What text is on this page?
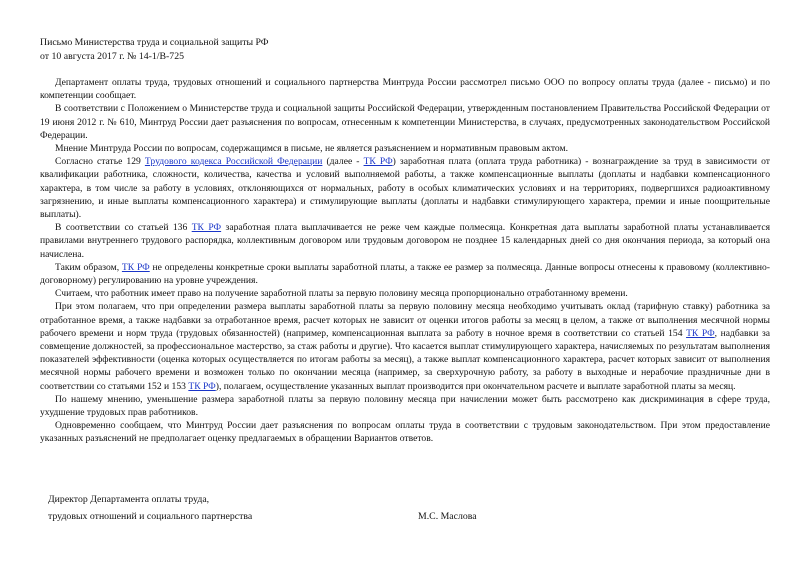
Письмо Министерства труда и социальной защиты РФ
от 10 августа 2017 г. № 14-1/В-725

Департамент оплаты труда, трудовых отношений и социального партнерства Минтруда России рассмотрел письмо ООО по вопросу оплаты труда (далее - письмо) и по компетенции сообщает.

В соответствии с Положением о Министерстве труда и социальной защиты Российской Федерации, утвержденным постановлением Правительства Российской Федерации от 19 июня 2012 г. № 610, Минтруд России дает разъяснения по вопросам, отнесенным к компетенции Министерства, в случаях, предусмотренных законодательством Российской Федерации.

Мнение Минтруда России по вопросам, содержащимся в письме, не является разъяснением и нормативным правовым актом.

Согласно статье 129 Трудового кодекса Российской Федерации (далее - ТК РФ) заработная плата (оплата труда работника) - вознаграждение за труд в зависимости от квалификации работника, сложности, количества, качества и условий выполняемой работы, а также компенсационные выплаты (доплаты и надбавки компенсационного характера, в том числе за работу в условиях, отклоняющихся от нормальных, работу в особых климатических условиях и на территориях, подвергшихся радиоактивному загрязнению, и иные выплаты компенсационного характера) и стимулирующие выплаты (доплаты и надбавки стимулирующего характера, премии и иные поощрительные выплаты).

В соответствии со статьей 136 ТК РФ заработная плата выплачивается не реже чем каждые полмесяца. Конкретная дата выплаты заработной платы устанавливается правилами внутреннего трудового распорядка, коллективным договором или трудовым договором не позднее 15 календарных дней со дня окончания периода, за который она начислена.

Таким образом, ТК РФ не определены конкретные сроки выплаты заработной платы, а также ее размер за полмесяца. Данные вопросы отнесены к правовому (коллективно-договорному) регулированию на уровне учреждения.

Считаем, что работник имеет право на получение заработной платы за первую половину месяца пропорционально отработанному времени.

При этом полагаем, что при определении размера выплаты заработной платы за первую половину месяца необходимо учитывать оклад (тарифную ставку) работника за отработанное время, а также надбавки за отработанное время, расчет которых не зависит от оценки итогов работы за месяц в целом, а также от выполнения месячной нормы рабочего времени и норм труда (трудовых обязанностей) (например, компенсационная выплата за работу в ночное время в соответствии со статьей 154 ТК РФ, надбавки за совмещение должностей, за профессиональное мастерство, за стаж работы и другие). Что касается выплат стимулирующего характера, начисляемых по результатам выполнения показателей эффективности (оценка которых осуществляется по итогам работы за месяц), а также выплат компенсационного характера, расчет которых зависит от выполнения месячной нормы рабочего времени и возможен только по окончании месяца (например, за сверхурочную работу, за работу в выходные и нерабочие праздничные дни в соответствии со статьями 152 и 153 ТК РФ), полагаем, осуществление указанных выплат производится при окончательном расчете и выплате заработной платы за месяц.

По нашему мнению, уменьшение размера заработной платы за первую половину месяца при начислении может быть рассмотрено как дискриминация в сфере труда, ухудшение трудовых прав работников.

Одновременно сообщаем, что Минтруд России дает разъяснения по вопросам оплаты труда в соответствии с трудовым законодательством. При этом предоставление указанных разъяснений не предполагает оценку предлагаемых в обращении Вариантов ответов.

Директор Департамента оплаты труда,
трудовых отношений и социального партнерства	М.С. Маслова
